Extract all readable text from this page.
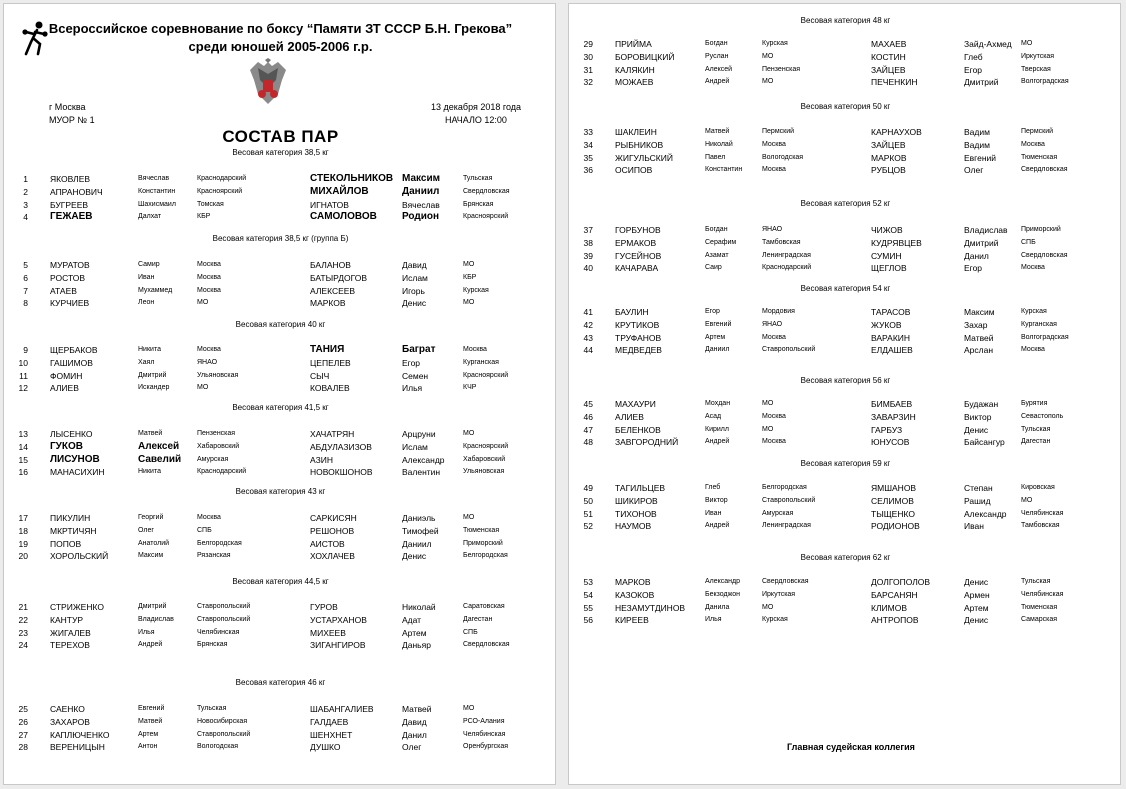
Всероссийское соревнование по боксу “Памяти ЗТ СССР Б.Н. Грекова”
среди юношей 2005-2006 г.р.
г Москва
МУОР № 1
13 декабря 2018 года
НАЧАЛО 12:00
СОСТАВ ПАР
Весовая категория 38,5 кг
1	ЯКОВЛЕВ	Вячеслав	Краснодарский	СТЕКОЛЬНИКОВ Максим	Тульская
2	АПРАНОВИЧ	Константин	Красноярский	МИХАЙЛОВ	Даниил	Свердловская
3	БУГРЕЕВ	Шахисмаил	Томская	ИГНАТОВ	Вячеслав	Брянская
4 ГЕЖАЕВ	Далхат	КБР	САМОЛОВОВ	Родион	Красноярский
Весовая категория 38,5 кг (группа Б)
5	МУРАТОВ	Самир	Москва	БАЛАНОВ	Давид	МО
6	РОСТОВ	Иван	Москва	БАТЫРДОГОВ	Ислам	КБР
7	АТАЕВ	Мухаммед	Москва	АЛЕКСЕЕВ	Игорь	Курская
8	КУРЧИЕВ	Леон	МО	МАРКОВ	Денис	МО
Весовая категория 40 кг
9	ЩЕРБАКОВ	Никита	Москва	ТАНИЯ	Баграт	Москва
10	ГАШИМОВ	Хаял	ЯНАО	ЦЕПЕЛЕВ	Егор	Курганская
11	ФОМИН	Дмитрий	Ульяновская	СЫЧ	Семен	Красноярский
12	АЛИЕВ	Искандер	МО	КОВАЛЕВ	Илья	КЧР
Весовая категория 41,5 кг
13	ЛЫСЕНКО	Матвей	Пензенская	ХАЧАТРЯН	Арцруни	МО
14 ГУКОВ	Алексей	Хабаровский	АБДУЛАЗИЗОВ	Ислам	Красноярский
15 ЛИСУНОВ	Савелий Амурская	АЗИН	Александр	Хабаровский
16	МАНАСИХИН	Никита	Краснодарский	НОВОКШОНОВ	Валентин	Ульяновская
Весовая категория 43 кг
17	ПИКУЛИН	Георгий	Москва	САРКИСЯН	Даниэль	МО
18	МКРТИЧЯН	Олег	СПБ	РЕШОНОВ	Тимофей	Тюменская
19	ПОПОВ	Анатолий	Белгородская	АИСТОВ	Даниил	Приморский
20	ХОРОЛЬСКИЙ	Максим	Рязанская	ХОХЛАЧЕВ	Денис	Белгородская
Весовая категория 44,5 кг
21	СТРИЖЕНКО	Дмитрий	Ставропольский	ГУРОВ	Николай	Саратовская
22	КАНТУР	Владислав	Ставропольский	УСТАРХАНОВ	Адат	Дагестан
23	ЖИГАЛЕВ	Илья	Челябинская	МИХЕЕВ	Артем	СПБ
24	ТЕРЕХОВ	Андрей	Брянская	ЗИГАНГИРОВ	Даньяр	Свердловская
Весовая категория 46 кг
25	САЕНКО	Евгений	Тульская	ШАБАНГАЛИЕВ	Матвей	МО
26	ЗАХАРОВ	Матвей	Новосибирская	ГАЛДАЕВ	Давид	РСО-Алания
27	КАПЛЮЧЕНКО	Артем	Ставропольский	ШЕНХНЕТ	Данил	Челябинская
28	ВЕРЕНИЦЫН	Антон	Вологодская	ДУШКО	Олег	Оренбургская
Весовая категория 48 кг
29	ПРИЙМА	Богдан	Курская	МАХАЕВ	Зайд-Ахмед МО
30	БОРОВИЦКИЙ	Руслан	МО	КОСТИН	Глеб	Иркутская
31	КАЛЯКИН	Алексей	Пензенская	ЗАЙЦЕВ	Егор	Тверская
32	МОЖАЕВ	Андрей	МО	ПЕЧЕНКИН	Дмитрий	Волгоградская
Весовая категория 50 кг
33	ШАКЛЕИН	Матвей	Пермский	КАРНАУХОВ	Вадим	Пермский
34	РЫБНИКОВ	Николай	Москва	ЗАЙЦЕВ	Вадим	Москва
35	ЖИГУЛЬСКИЙ	Павел	Вологодская	МАРКОВ	Евгений	Тюменская
36	ОСИПОВ	Константин	Москва	РУБЦОВ	Олег	Свердловская
Весовая категория 52 кг
37	ГОРБУНОВ	Богдан	ЯНАО	ЧИЖОВ	Владислав Приморский
38	ЕРМАКОВ	Серафим	Тамбовская	КУДРЯВЦЕВ	Дмитрий	СПБ
39	ГУСЕЙНОВ	Азамат	Ленинградская	СУМИН	Данил	Свердловская
40	КАЧАРАВА	Саир	Краснодарский	ЩЕГЛОВ	Егор	Москва
Весовая категория 54 кг
41	БАУЛИН	Егор	Мордовия	ТАРАСОВ	Максим	Курская
42	КРУТИКОВ	Евгений	ЯНАО	ЖУКОВ	Захар	Курганская
43	ТРУФАНОВ	Артем	Москва	ВАРАКИН	Матвей	Волгоградская
44	МЕДВЕДЕВ	Даниил	Ставропольский	ЕЛДАШЕВ	Арслан	Москва
Весовая категория 56 кг
45	МАХАУРИ	Мохдан	МО	БИМБАЕВ	Будажан	Бурятия
46	АЛИЕВ	Асад	Москва	ЗАВАРЗИН	Виктор	Севастополь
47	БЕЛЕНКОВ	Кирилл	МО	ГАРБУЗ	Денис	Тульская
48	ЗАВГОРОДНИЙ	Андрей	Москва	ЮНУСОВ	Байсангур Дагестан
Весовая категория 59 кг
49	ТАГИЛЬЦЕВ	Глеб	Белгородская	ЯМШАНОВ	Степан	Кировская
50	ШИКИРОВ	Виктор	Ставропольский	СЕЛИМОВ	Рашид	МО
51	ТИХОНОВ	Иван	Амурская	ТЫЩЕНКО	Александр Челябинская
52	НАУМОВ	Андрей	Ленинградская	РОДИОНОВ	Иван	Тамбовская
Весовая категория 62 кг
53	МАРКОВ	Александр	Свердловская	ДОЛГОПОЛОВ	Денис	Тульская
54	КАЗОКОВ	Бекзоджон	Иркутская	БАРСАНЯН	Армен	Челябинская
55	НЕЗАМУТДИНОВ	Данила	МО	КЛИМОВ	Артем	Тюменская
56	КИРЕЕВ	Илья	Курская	АНТРОПОВ	Денис	Самарская
Главная судейская коллегия
